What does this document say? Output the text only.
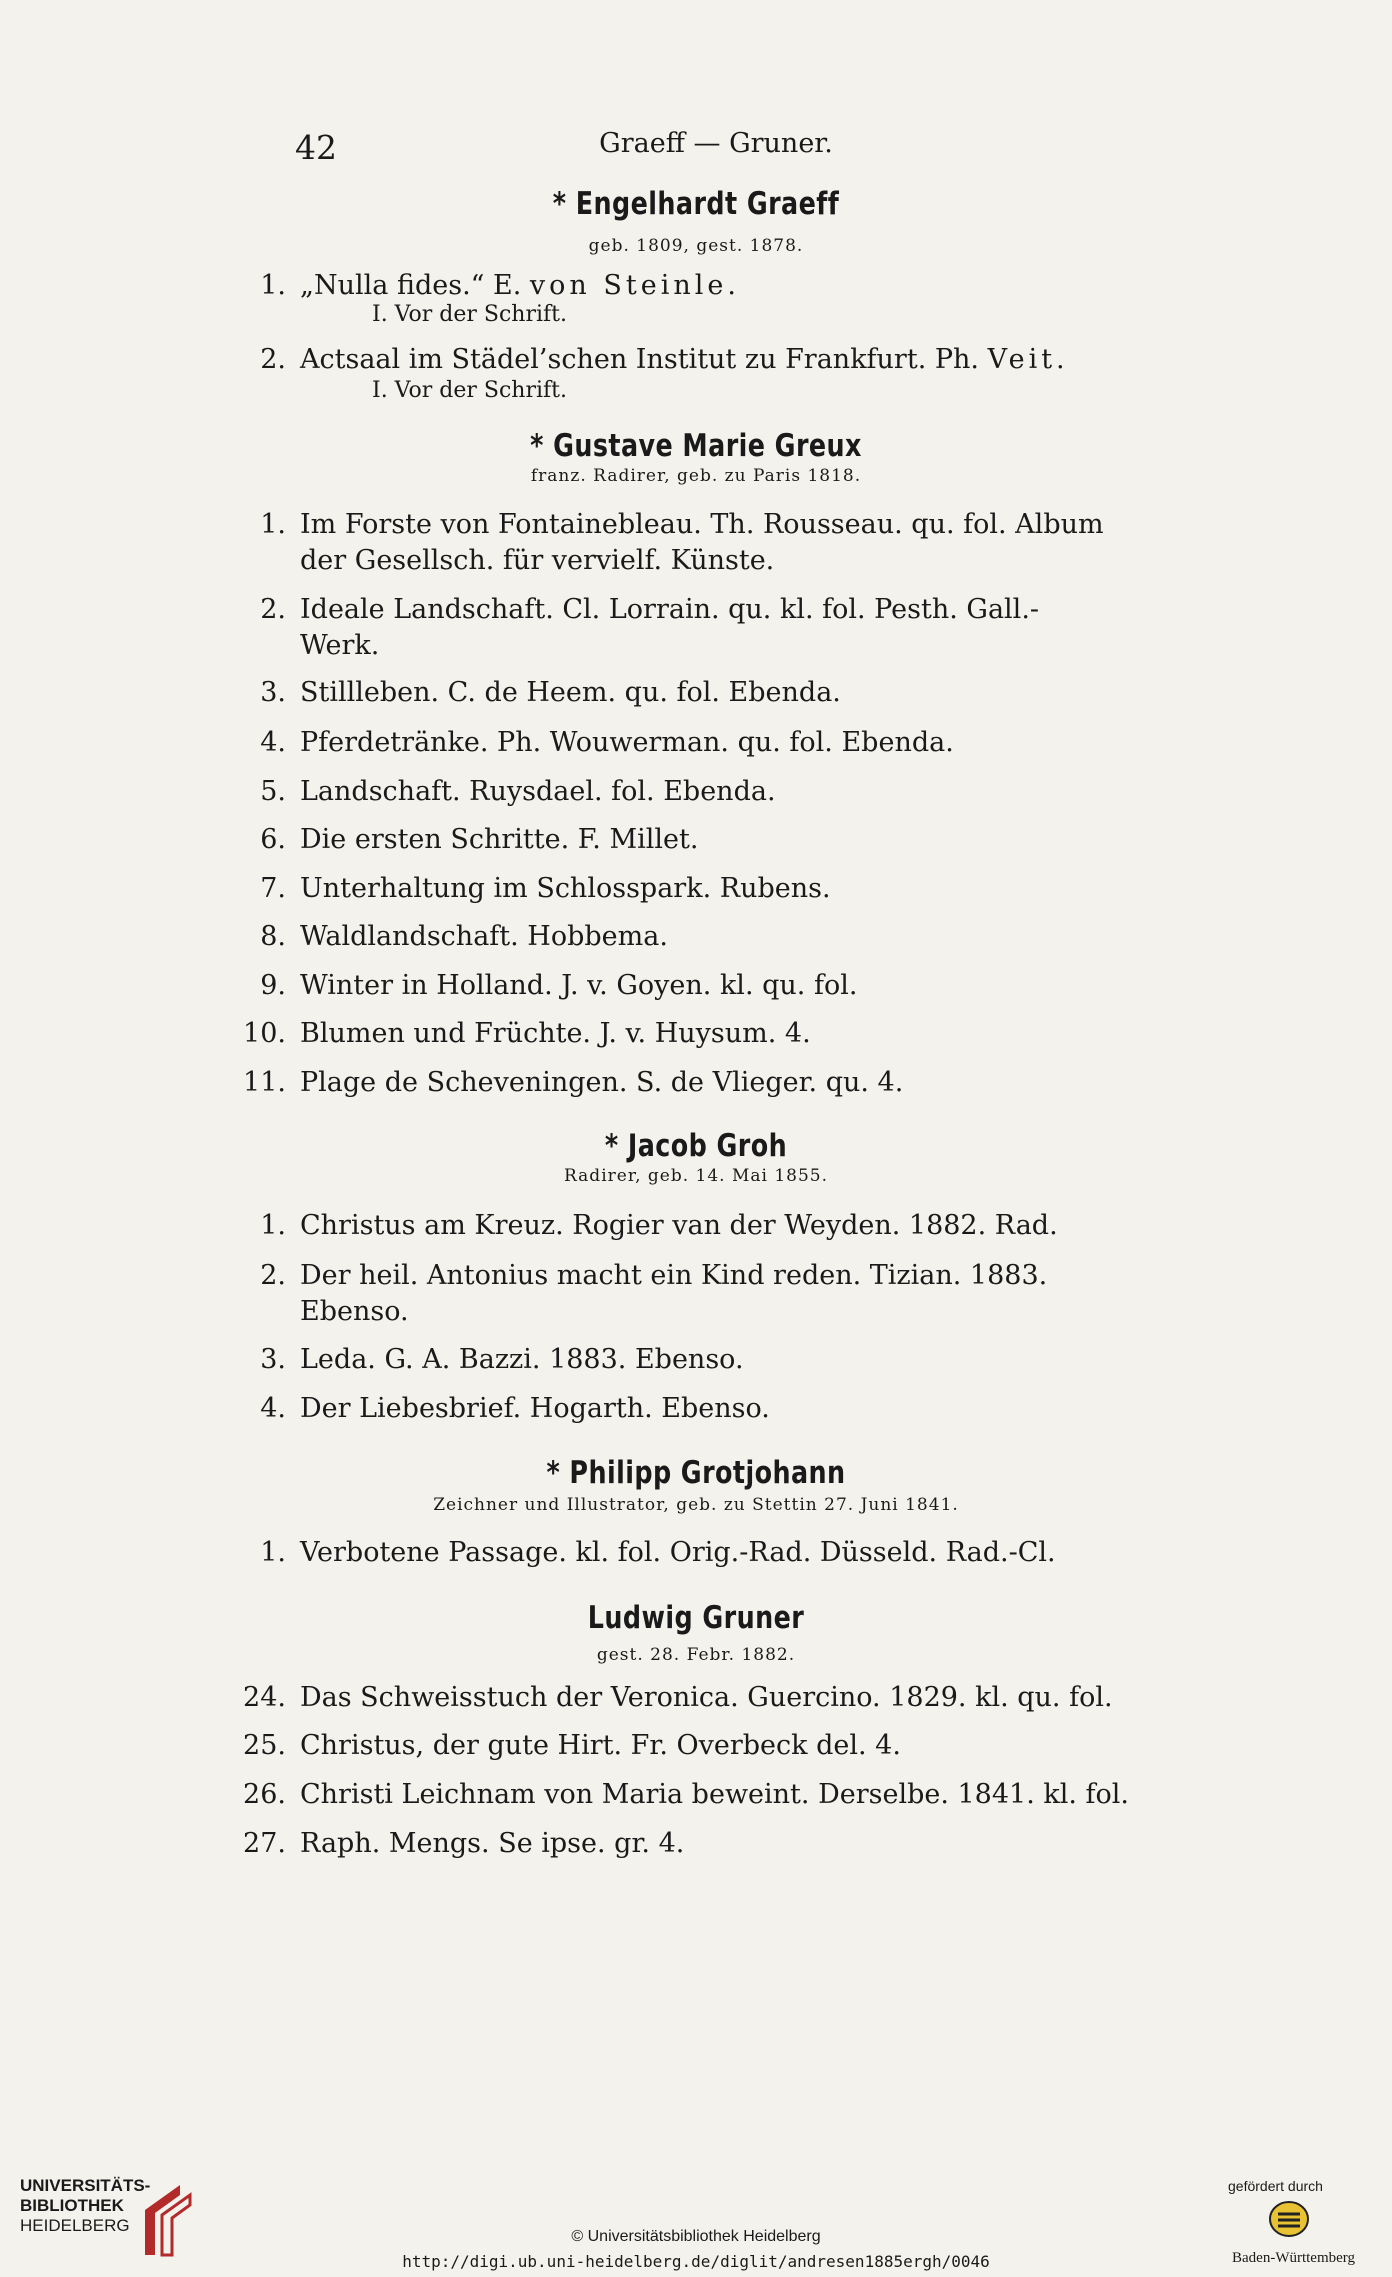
42	Graeff — Gruner.
* Engelhardt Graeff
geb. 1809, gest. 1878.
1. „Nulla fides.“ E. von Steinle.
I. Vor der Schrift.
2. Actsaal im Städel’schen Institut zu Frankfurt. Ph. Veit.
I. Vor der Schrift.
* Gustave Marie Greux
franz. Radirer, geb. zu Paris 1818.
1. Im Forste von Fontainebleau. Th. Rousseau. qu. fol. Album
der Gesellsch. für vervielf. Künste.
2. Ideale Landschaft. Cl. Lorrain. qu. kl. fol. Pesth. Gall.-
Werk.
3. Stillleben. C. de Heem. qu. fol. Ebenda.
4. Pferdetränke. Ph. Wouwerman. qu. fol. Ebenda.
5. Landschaft. Ruysdael. fol. Ebenda.
6. Die ersten Schritte. F. Millet.
7. Unterhaltung im Schlosspark. Rubens.
8. Waldlandschaft. Hobbema.
9. Winter in Holland. J. v. Goyen. kl. qu. fol.
10. Blumen und Früchte. J. v. Huysum. 4.
11. Plage de Scheveningen. S. de Vlieger. qu. 4.
* Jacob Groh
Radirer, geb. 14. Mai 1855.
1. Christus am Kreuz. Rogier van der Weyden. 1882. Rad.
2. Der heil. Antonius macht ein Kind reden. Tizian. 1883.
Ebenso.
3. Leda. G. A. Bazzi. 1883. Ebenso.
4. Der Liebesbrief. Hogarth. Ebenso.
* Philipp Grotjohann
Zeichner und Illustrator, geb. zu Stettin 27. Juni 1841.
1. Verbotene Passage. kl. fol. Orig.-Rad. Düsseld. Rad.-Cl.
Ludwig Gruner
gest. 28. Febr. 1882.
24. Das Schweisstuch der Veronica. Guercino. 1829. kl. qu. fol.
25. Christus, der gute Hirt. Fr. Overbeck del. 4.
26. Christi Leichnam von Maria beweint. Derselbe. 1841. kl. fol.
27. Raph. Mengs. Se ipse. gr. 4.
UNIVERSITÄTS-
BIBLIOTHEK
HEIDELBERG
© Universitätsbibliothek Heidelberg
http://digi.ub.uni-heidelberg.de/diglit/andresen1885ergh/0046
gefördert durch
Baden-Württemberg
